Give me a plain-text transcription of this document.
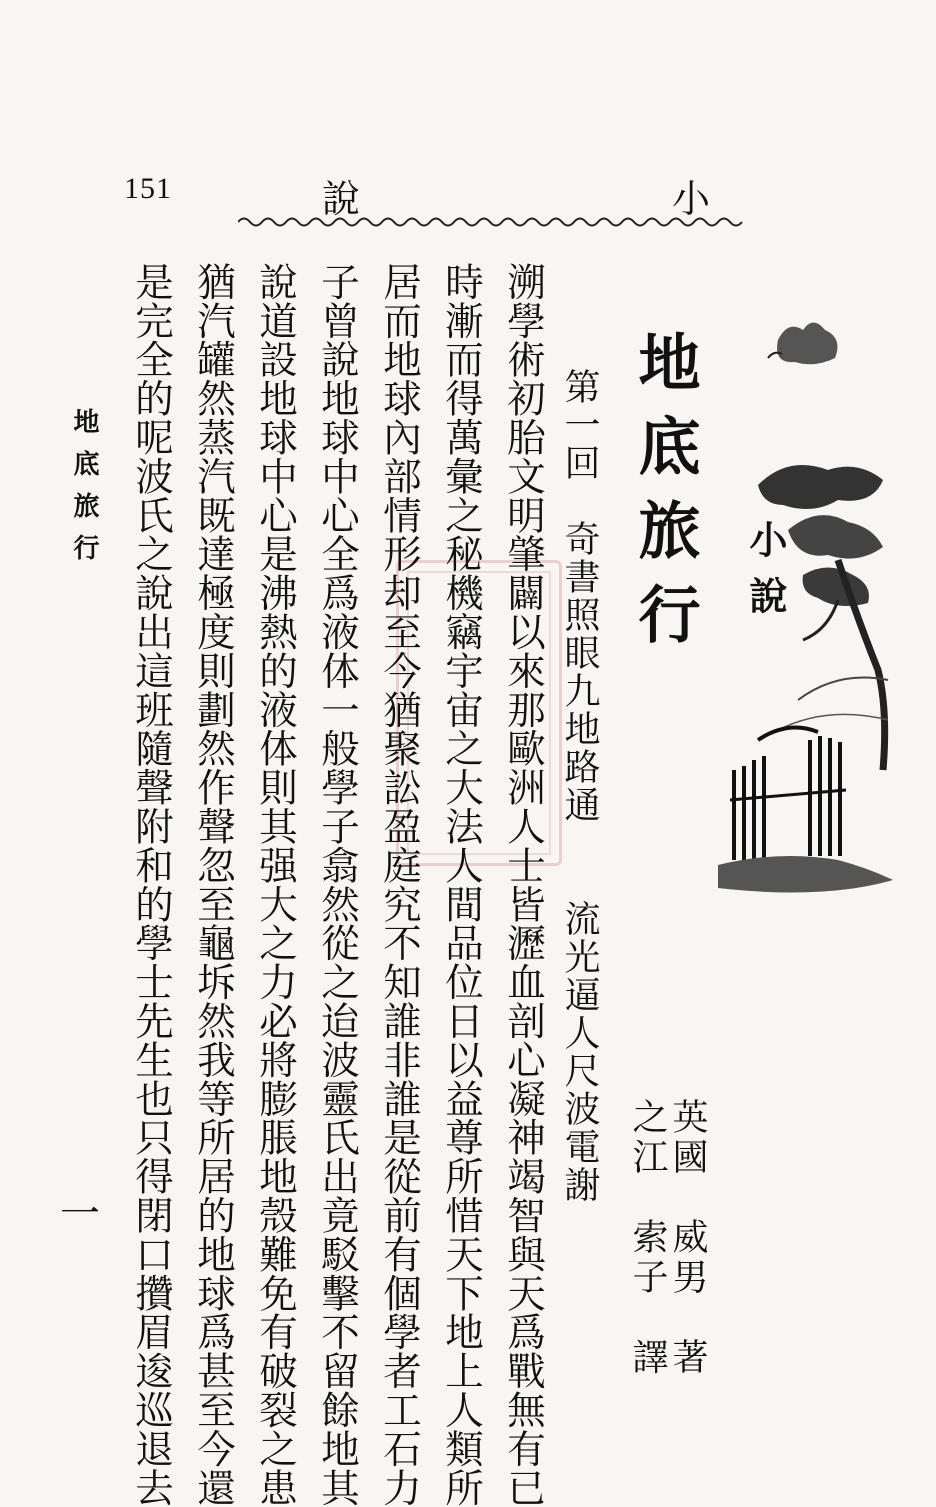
151	說	小
小說
地底旅行
第一回　奇書照眼九地路通流光逼人尺波電謝
英國　威男　著
之江　索子　譯
溯學術初胎文明肇闢以來那歐洲人士皆瀝血剖心凝神竭智與天爲戰無有已
時漸而得萬彙之秘機竊宇宙之大法人間品位日以益尊所惜天下地上人類所
居而地球內部情形却至今猶聚訟盈庭究不知誰非誰是從前有個學者工石力
子曾說地球中心全爲液体一般學子翕然從之迨波靈氏出竟駁擊不留餘地其
說道設地球中心是沸熱的液体則其强大之力必將膨脹地殼難免有破裂之患
猶汽罐然蒸汽既達極度則劃然作聲忽至龜坼然我等所居的地球爲甚至今還
是完全的呢波氏之說出這班隨聲附和的學士先生也只得閉口攢眉逡巡退去
地底旅行
一
